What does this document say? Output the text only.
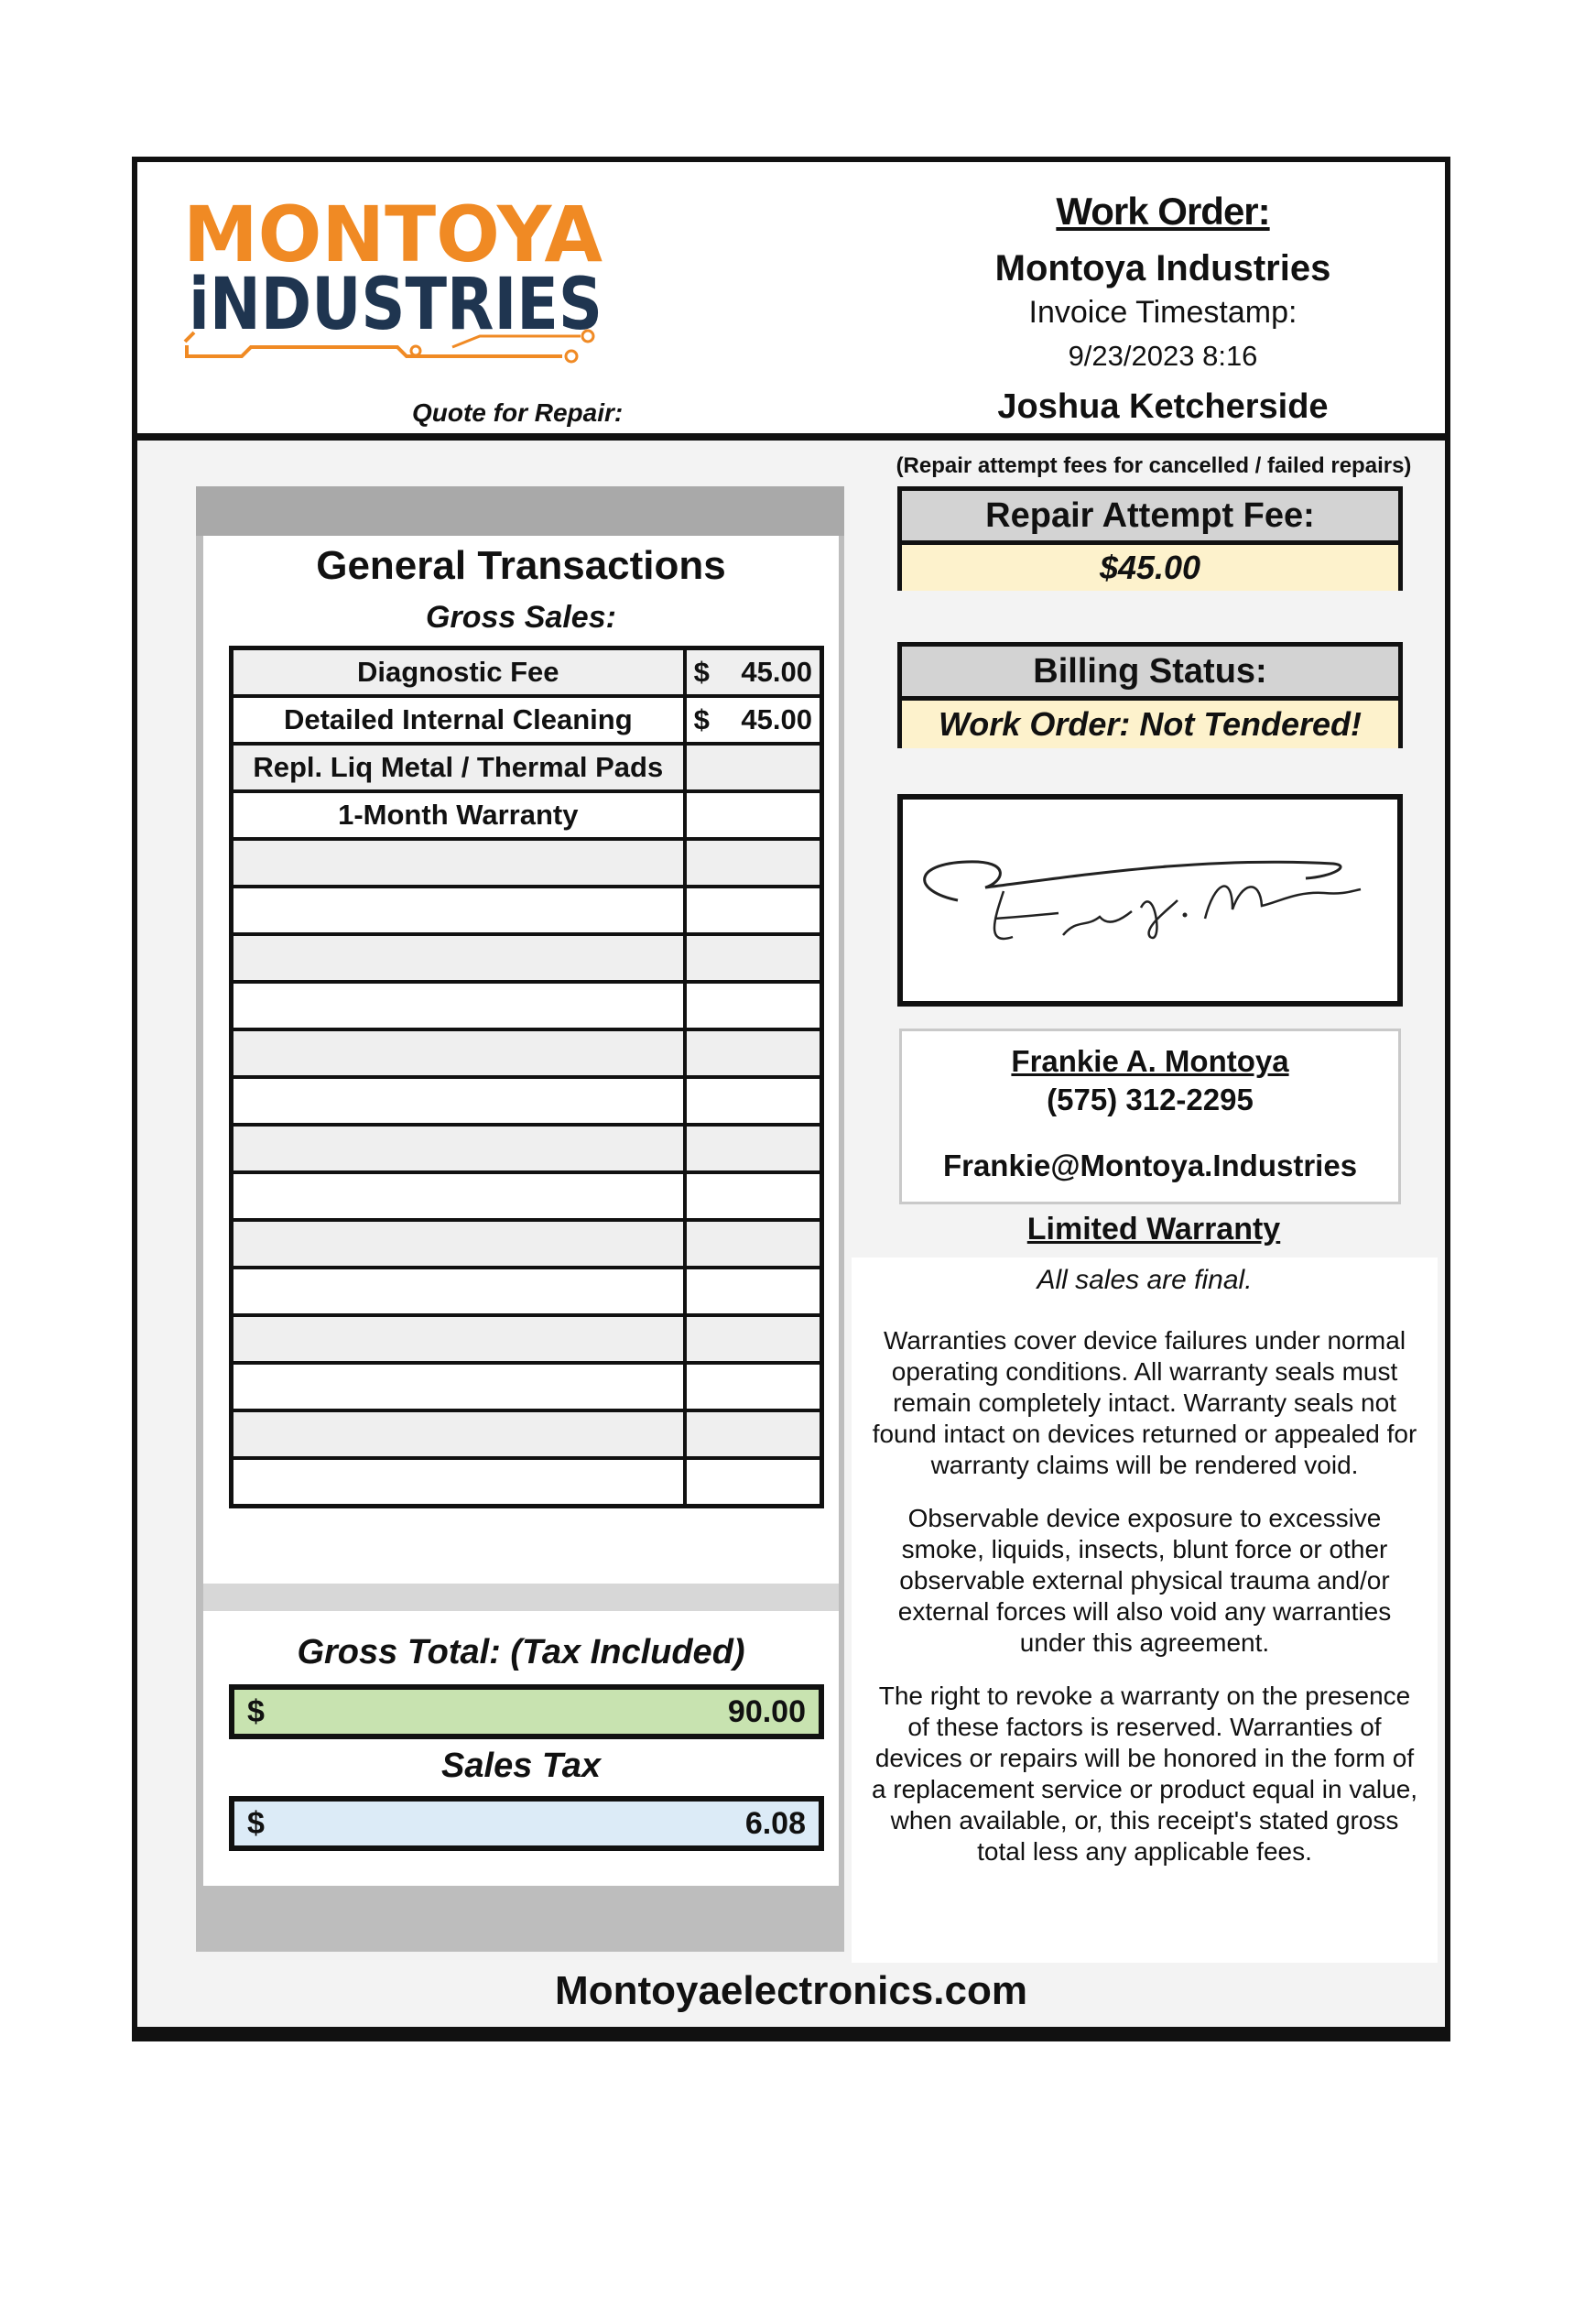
MONTOYA
iNDUSTRIES
Quote for Repair:
Work Order:
Montoya Industries
Invoice Timestamp:
9/23/2023 8:16
Joshua Ketcherside
General Transactions
Gross Sales:
Diagnostic Fee	$ 45.00

Detailed Internal Cleaning	$ 45.00

Repl. Liq Metal / Thermal Pads	

1-Month Warranty	

Gross Total: (Tax Included)
$	90.00
Sales Tax
$	6.08
(Repair attempt fees for cancelled / failed repairs)
Repair Attempt Fee:
$45.00
Billing Status:
Work Order: Not Tendered!
Frankie A. Montoya
(575) 312-2295
Frankie@Montoya.Industries
Limited Warranty
All sales are final.
Warranties cover device failures under normal operating conditions. All warranty seals must remain completely intact. Warranty seals not found intact on devices returned or appealed for warranty claims will be rendered void.
Observable device exposure to excessive smoke, liquids, insects, blunt force or other observable external physical trauma and/or external forces will also void any warranties under this agreement.
The right to revoke a warranty on the presence of these factors is reserved. Warranties of devices or repairs will be honored in the form of a replacement service or product equal in value, when available, or, this receipt's stated gross total less any applicable fees.
Montoyaelectronics.com
